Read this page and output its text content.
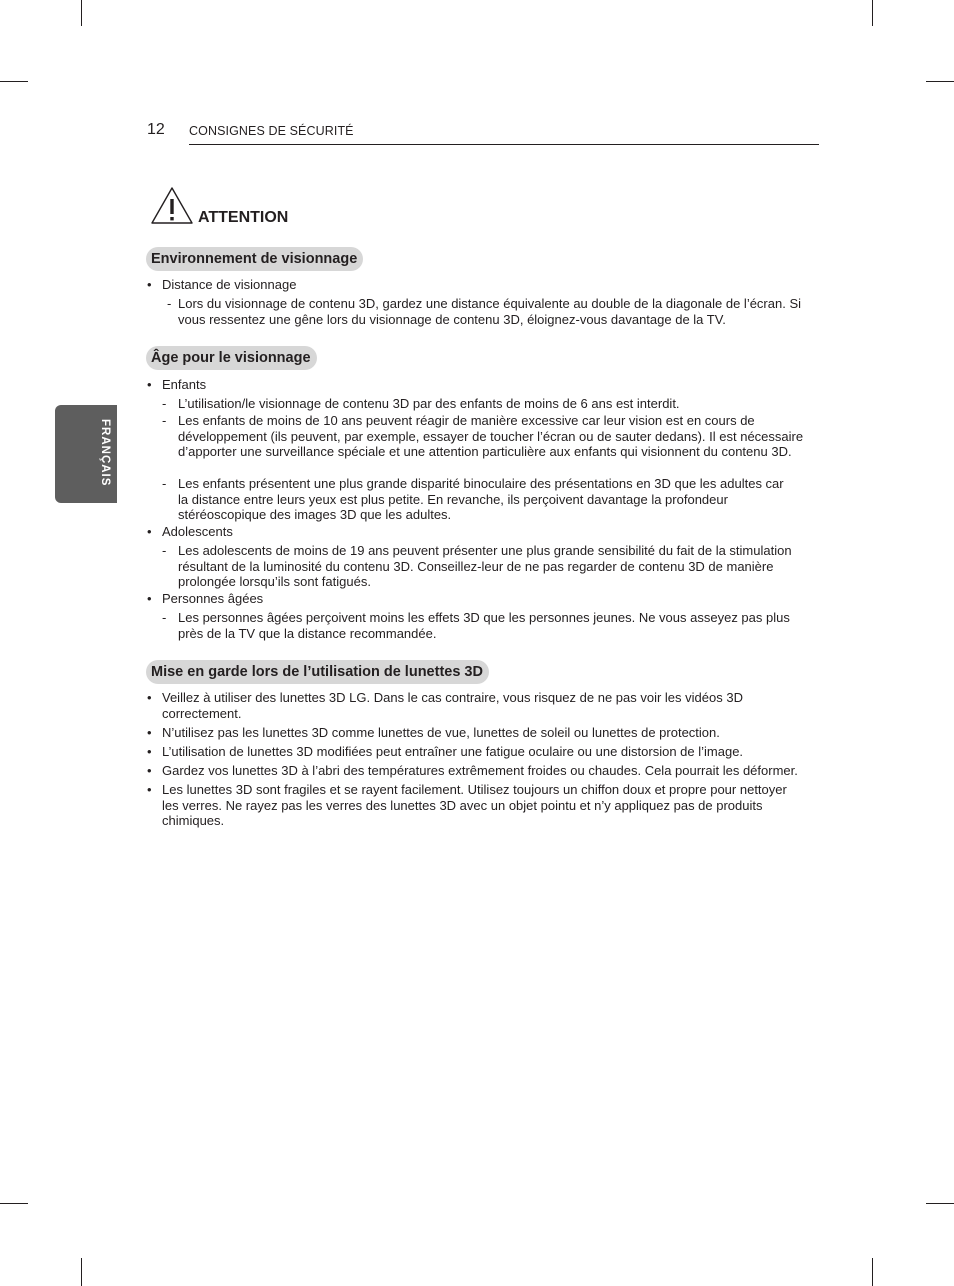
12 CONSIGNES DE SÉCURITÉ
FRANÇAIS
ATTENTION
Environnement de visionnage
• Distance de visionnage
- Lors du visionnage de contenu 3D, gardez une distance équivalente au double de la diagonale de l’écran. Si vous ressentez une gêne lors du visionnage de contenu 3D, éloignez-vous davantage de la TV.
Âge pour le visionnage
• Enfants
- L’utilisation/le visionnage de contenu 3D par des enfants de moins de 6 ans est interdit.
- Les enfants de moins de 10 ans peuvent réagir de manière excessive car leur vision est en cours de développement (ils peuvent, par exemple, essayer de toucher l’écran ou de sauter dedans). Il est nécessaire d’apporter une surveillance spéciale et une attention particulière aux enfants qui visionnent du contenu 3D.
- Les enfants présentent une plus grande disparité binoculaire des présentations en 3D que les adultes car la distance entre leurs yeux est plus petite. En revanche, ils perçoivent davantage la profondeur stéréoscopique des images 3D que les adultes.
• Adolescents
- Les adolescents de moins de 19 ans peuvent présenter une plus grande sensibilité du fait de la stimulation résultant de la luminosité du contenu 3D. Conseillez-leur de ne pas regarder de contenu 3D de manière prolongée lorsqu’ils sont fatigués.
• Personnes âgées
- Les personnes âgées perçoivent moins les effets 3D que les personnes jeunes. Ne vous asseyez pas plus près de la TV que la distance recommandée.
Mise en garde lors de l’utilisation de lunettes 3D
• Veillez à utiliser des lunettes 3D LG. Dans le cas contraire, vous risquez de ne pas voir les vidéos 3D correctement.
• N’utilisez pas les lunettes 3D comme lunettes de vue, lunettes de soleil ou lunettes de protection.
• L’utilisation de lunettes 3D modifiées peut entraîner une fatigue oculaire ou une distorsion de l’image.
• Gardez vos lunettes 3D à l’abri des températures extrêmement froides ou chaudes. Cela pourrait les déformer.
• Les lunettes 3D sont fragiles et se rayent facilement. Utilisez toujours un chiffon doux et propre pour nettoyer les verres. Ne rayez pas les verres des lunettes 3D avec un objet pointu et n’y appliquez pas de produits chimiques.
